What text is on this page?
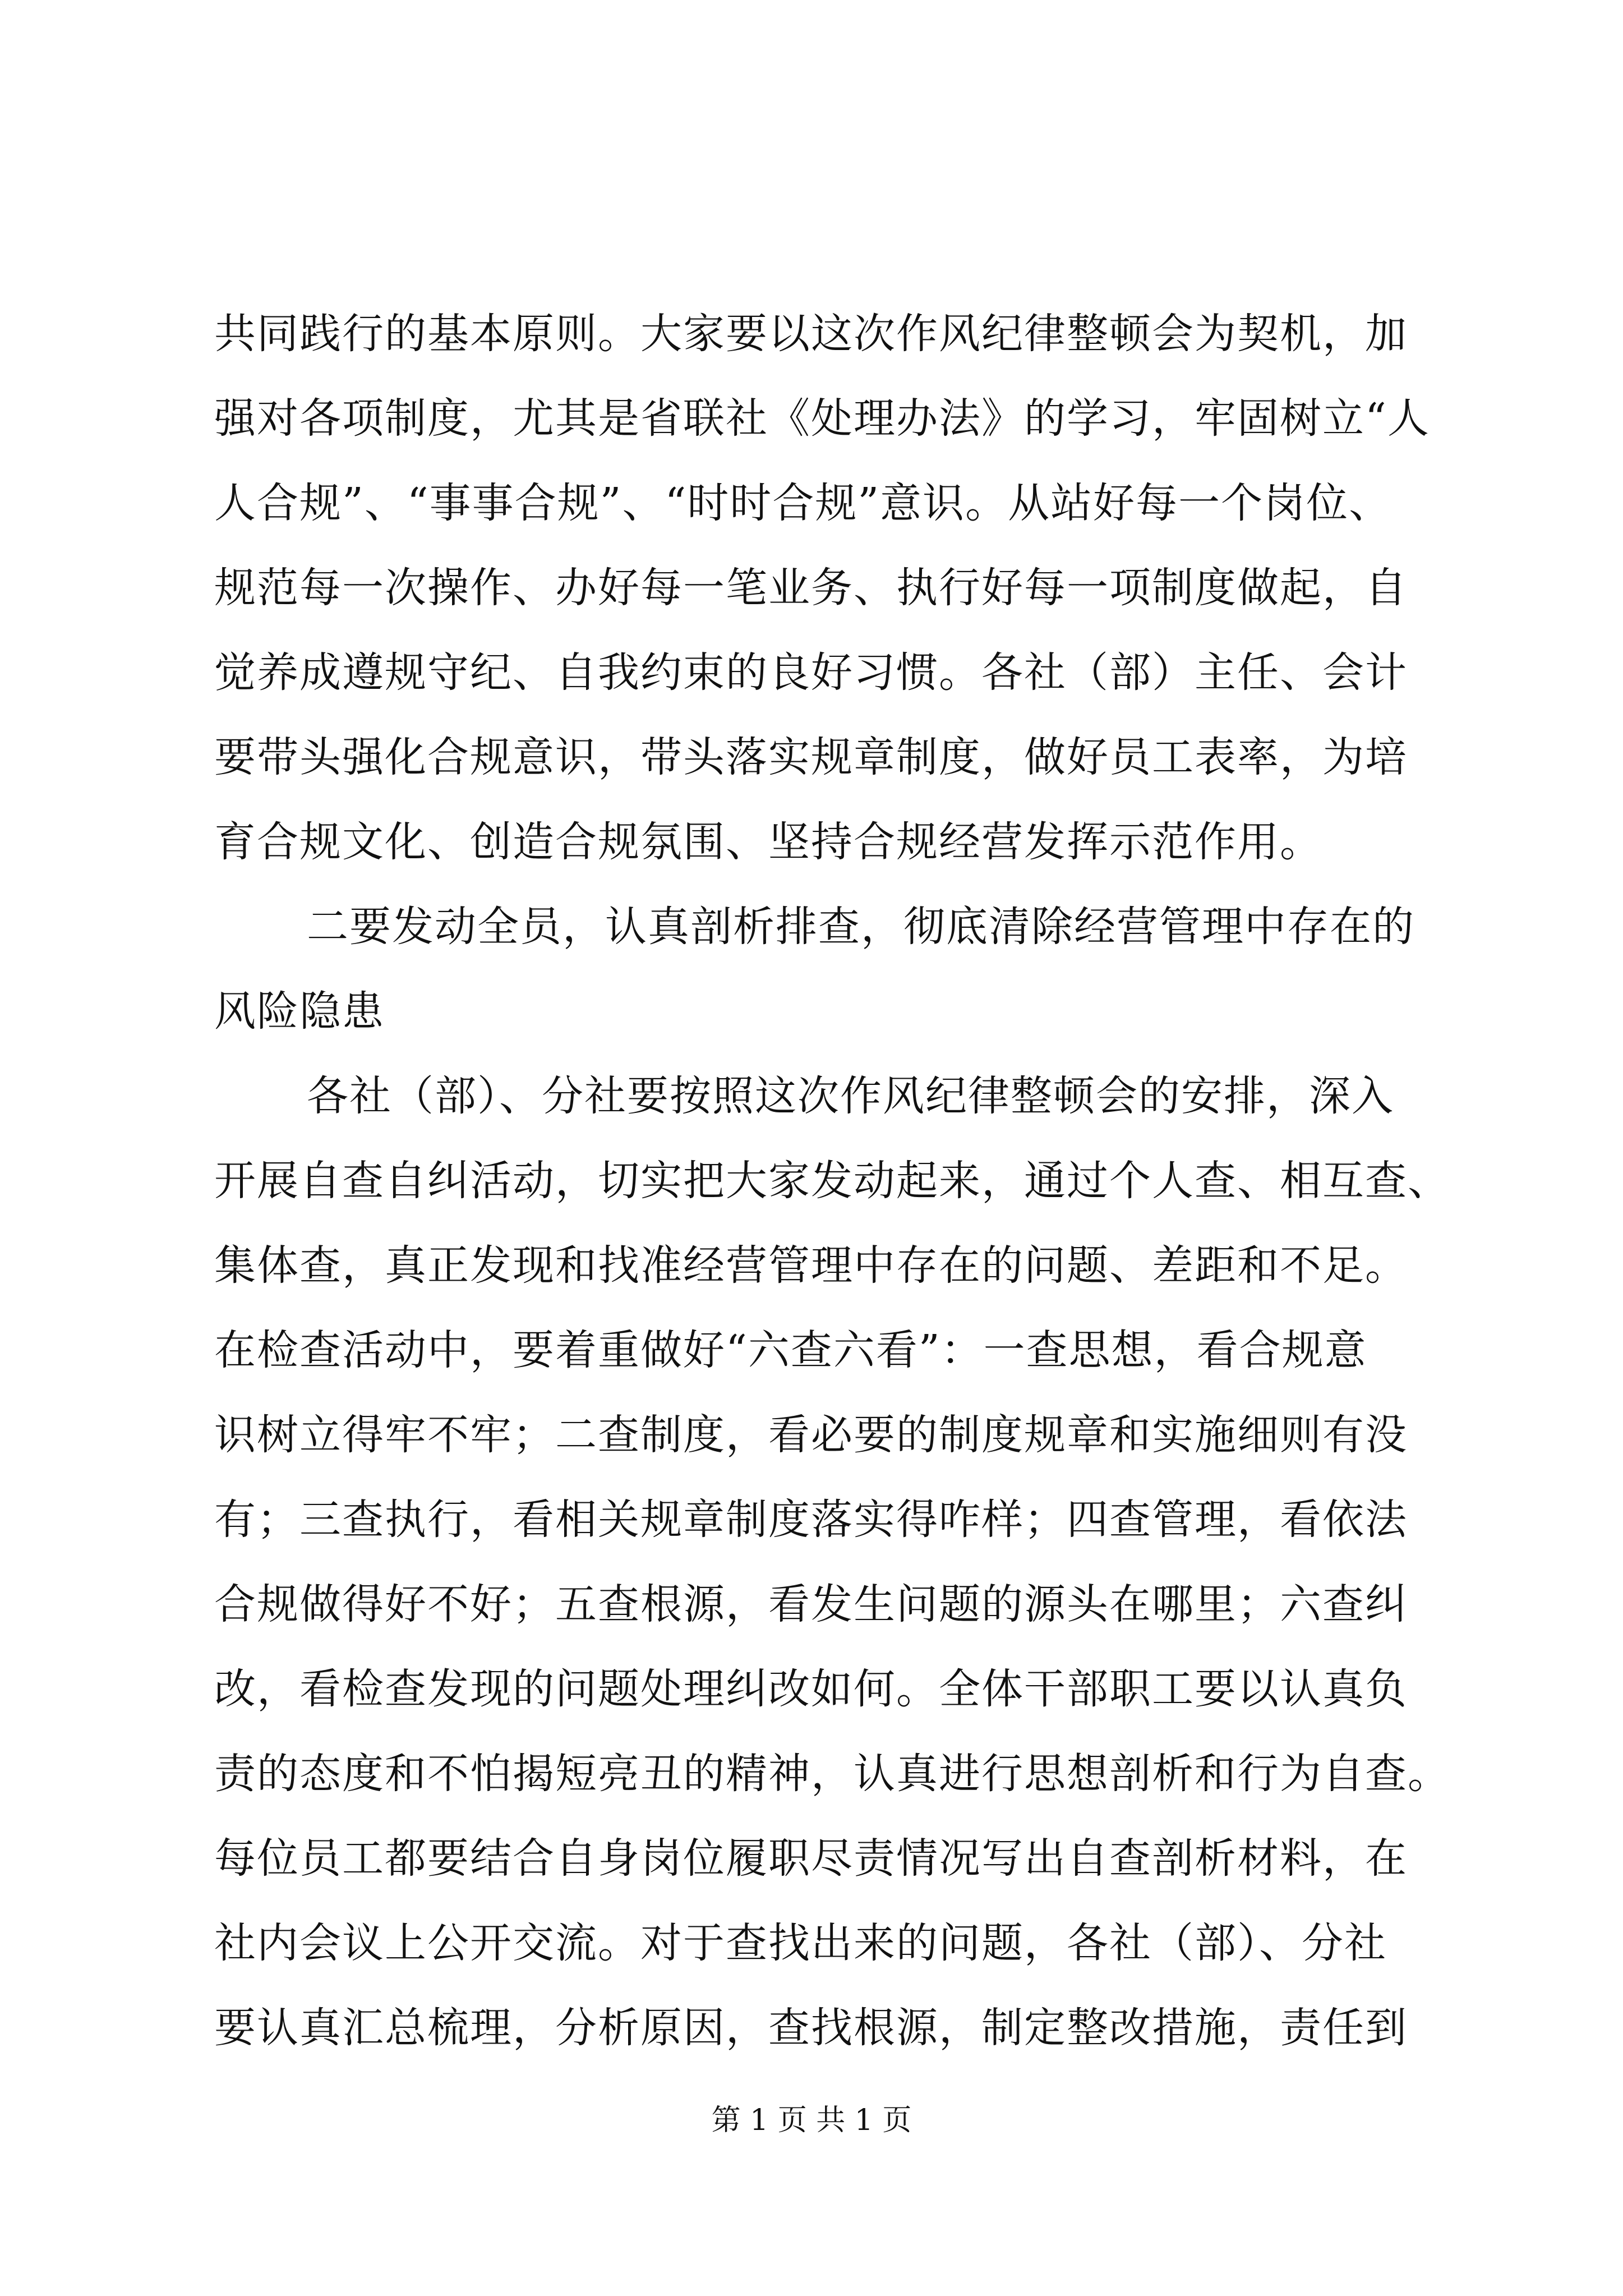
共同践行的基本原则。大家要以这次作风纪律整顿会为契机，加
强对各项制度，尤其是省联社《处理办法》的学习，牢固树立“人
人合规”、“事事合规”、“时时合规”意识。从站好每一个岗位、
规范每一次操作、办好每一笔业务、执行好每一项制度做起，自
觉养成遵规守纪、自我约束的良好习惯。各社（部）主任、会计
要带头强化合规意识，带头落实规章制度，做好员工表率，为培
育合规文化、创造合规氛围、坚持合规经营发挥示范作用。
二要发动全员，认真剖析排查，彻底清除经营管理中存在的
风险隐患
各社（部）、分社要按照这次作风纪律整顿会的安排，深入
开展自查自纠活动，切实把大家发动起来，通过个人查、相互查、
集体查，真正发现和找准经营管理中存在的问题、差距和不足。
在检查活动中，要着重做好“六查六看”：一查思想，看合规意
识树立得牢不牢；二查制度，看必要的制度规章和实施细则有没
有；三查执行，看相关规章制度落实得咋样；四查管理，看依法
合规做得好不好；五查根源，看发生问题的源头在哪里；六查纠
改，看检查发现的问题处理纠改如何。全体干部职工要以认真负
责的态度和不怕揭短亮丑的精神，认真进行思想剖析和行为自查。
每位员工都要结合自身岗位履职尽责情况写出自查剖析材料，在
社内会议上公开交流。对于查找出来的问题，各社（部）、分社
要认真汇总梳理，分析原因，查找根源，制定整改措施，责任到
第 1 页 共 1 页
